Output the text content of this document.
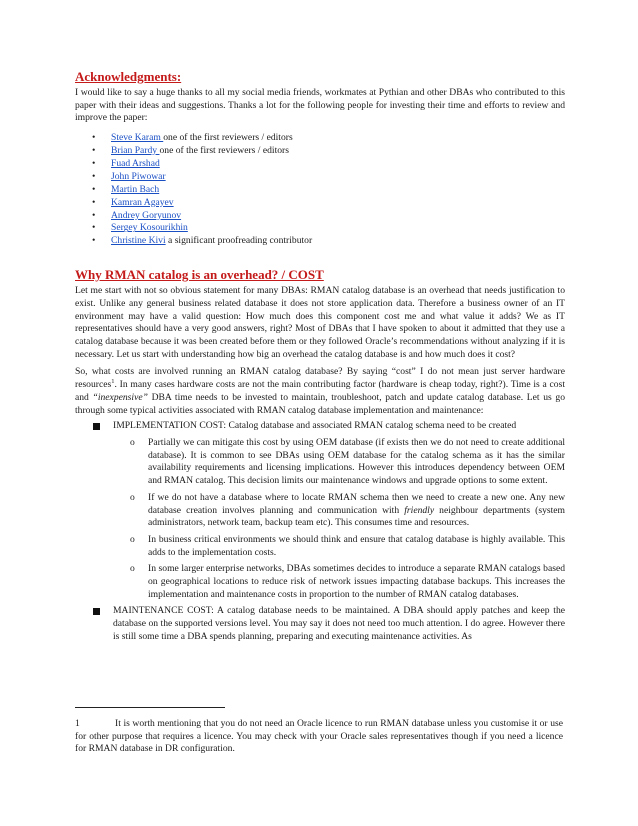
Acknowledgments:

I would like to say a huge thanks to all my social media friends, workmates at Pythian and other DBAs who contributed to this paper with their ideas and suggestions. Thanks a lot for the following people for investing their time and efforts to review and improve the paper:

• Steve Karam one of the first reviewers / editors
• Brian Pardy one of the first reviewers / editors
• Fuad Arshad
• John Piwowar
• Martin Bach
• Kamran Agayev
• Andrey Goryunov
• Sergey Kosourikhin
• Christine Kivi a significant proofreading contributor
Why RMAN catalog is an overhead? / COST

Let me start with not so obvious statement for many DBAs: RMAN catalog database is an overhead that needs justification to exist. Unlike any general business related database it does not store application data. Therefore a business owner of an IT environment may have a valid question: How much does this component cost me and what value it adds? We as IT representatives should have a very good answers, right? Most of DBAs that I have spoken to about it admitted that they use a catalog database because it was been created before them or they followed Oracle’s recommendations without analyzing if it is necessary. Let us start with understanding how big an overhead the catalog database is and how much does it cost?

So, what costs are involved running an RMAN catalog database? By saying “cost” I do not mean just server hardware resources$^1$. In many cases hardware costs are not the main contributing factor (hardware is cheap today, right?). Time is a cost and “inexpensive” DBA time needs to be invested to maintain, troubleshoot, patch and update catalog database. Let us go through some typical activities associated with RMAN catalog database implementation and maintenance:

IMPLEMENTATION COST: Catalog database and associated RMAN catalog schema need to be created
o Partially we can mitigate this cost by using OEM database (if exists then we do not need to create additional database). It is common to see DBAs using OEM database for the catalog schema as it has the similar availability requirements and licensing implications. However this introduces dependency between OEM and RMAN catalog. This decision limits our maintenance windows and upgrade options to some extent.
o If we do not have a database where to locate RMAN schema then we need to create a new one. Any new database creation involves planning and communication with friendly neighbour departments (system administrators, network team, backup team etc). This consumes time and resources.
o In business critical environments we should think and ensure that catalog database is highly available. This adds to the implementation costs.
o In some larger enterprise networks, DBAs sometimes decides to introduce a separate RMAN catalogs based on geographical locations to reduce risk of network issues impacting database backups. This increases the implementation and maintenance costs in proportion to the number of RMAN catalog databases.
MAINTENANCE COST: A catalog database needs to be maintained. A DBA should apply patches and keep the database on the supported versions level. You may say it does not need too much attention. I do agree. However there is still some time a DBA spends planning, preparing and executing maintenance activities. As
1	It is worth mentioning that you do not need an Oracle licence to run RMAN database unless you customise it or use for other purpose that requires a licence. You may check with your Oracle sales representatives though if you need a licence for RMAN database in DR configuration.
